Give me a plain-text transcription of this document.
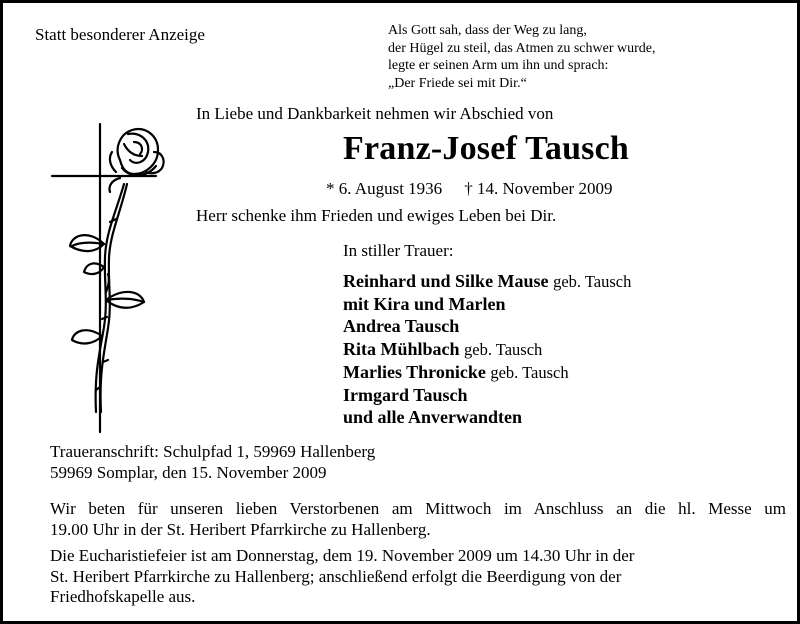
Statt besonderer Anzeige	Als Gott sah, dass der Weg zu lang,
der Hügel zu steil, das Atmen zu schwer wurde,
legte er seinen Arm um ihn und sprach:
„Der Friede sei mit Dir.“
In Liebe und Dankbarkeit nehmen wir Abschied von
Franz-Josef Tausch
* 6. August 1936 † 14. November 2009
Herr schenke ihm Frieden und ewiges Leben bei Dir.
In stiller Trauer:
Reinhard und Silke Mause geb. Tausch
mit Kira und Marlen
Andrea Tausch
Rita Mühlbach geb. Tausch
Marlies Thronicke geb. Tausch
Irmgard Tausch
und alle Anverwandten
Traueranschrift: Schulpfad 1, 59969 Hallenberg
59969 Somplar, den 15. November 2009
Wir beten für unseren lieben Verstorbenen am Mittwoch im Anschluss an die hl. Messe um
19.00 Uhr in der St. Heribert Pfarrkirche zu Hallenberg.
Die Eucharistiefeier ist am Donnerstag, dem 19. November 2009 um 14.30 Uhr in der
St. Heribert Pfarrkirche zu Hallenberg; anschließend erfolgt die Beerdigung von der
Friedhofskapelle aus.
